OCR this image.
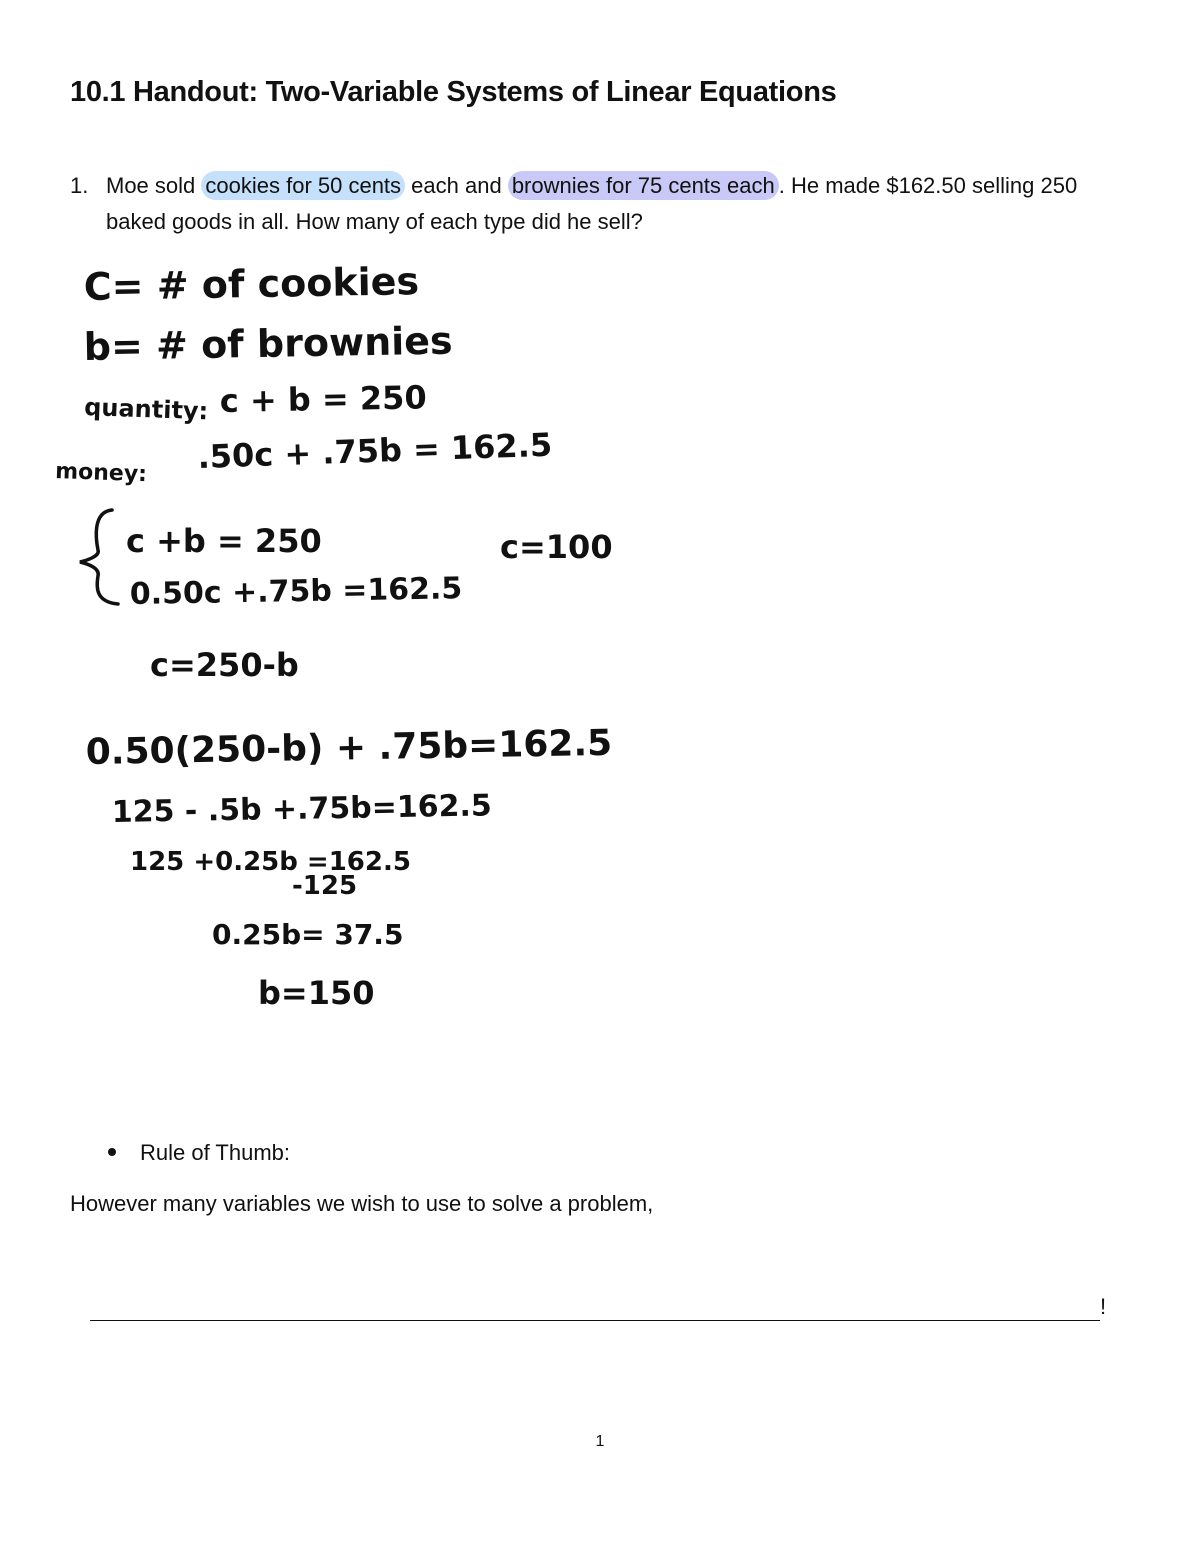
10.1 Handout: Two-Variable Systems of Linear Equations
1. Moe sold cookies for 50 cents each and brownies for 75 cents each . He made $162.50 selling 250 baked goods in all. How many of each type did he sell?
C= # of cookies
b= # of brownies
quantity: c + b = 250
money: .50c + .75b = 162.5
c +b = 250
0.50c +.75b =162.5
c=100
c=250-b
0.50(250-b) + .75b=162.5
125 - .5b +.75b=162.5
125 +0.25b =162.5
-125
0.25b= 37.5
b=150
Rule of Thumb:
However many variables we wish to use to solve a problem,
!
1
